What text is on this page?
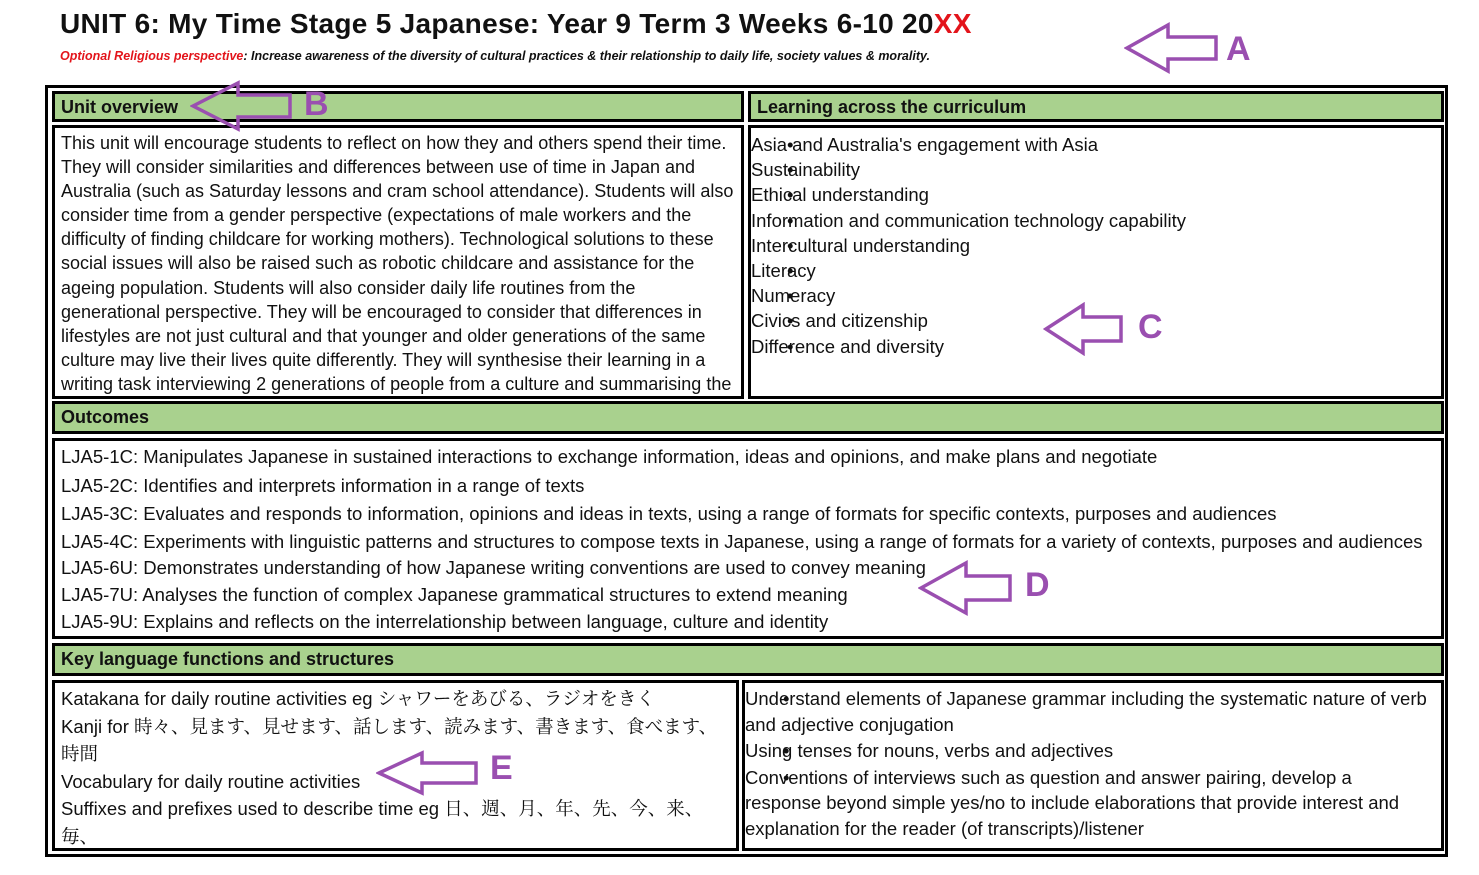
UNIT 6: My Time Stage 5 Japanese: Year 9 Term 3 Weeks 6-10 20XX
Optional Religious perspective: Increase awareness of the diversity of cultural practices & their relationship to daily life, society values & morality.
Unit overview

This unit will encourage students to reflect on how they and others spend their time. They will consider similarities and differences between use of time in Japan and Australia (such as Saturday lessons and cram school attendance). Students will also consider time from a gender perspective (expectations of male workers and the difficulty of finding childcare for working mothers). Technological solutions to these social issues will also be raised such as robotic childcare and assistance for the ageing population. Students will also consider daily life routines from the generational perspective. They will be encouraged to consider that differences in lifestyles are not just cultural and that younger and older generations of the same culture may live their lives quite differently. They will synthesise their learning in a writing task interviewing 2 generations of people from a culture and summarising the

Learning across the curriculum
• Asia and Australia's engagement with Asia
• Sustainability
• Ethical understanding
• Information and communication technology capability
• Intercultural understanding
• Literacy
• Numeracy
• Civics and citizenship
• Difference and diversity
Outcomes

LJA5-1C: Manipulates Japanese in sustained interactions to exchange information, ideas and opinions, and make plans and negotiate

LJA5-2C: Identifies and interprets information in a range of texts

LJA5-3C: Evaluates and responds to information, opinions and ideas in texts, using a range of formats for specific contexts, purposes and audiences

LJA5-4C: Experiments with linguistic patterns and structures to compose texts in Japanese, using a range of formats for a variety of contexts, purposes and audiences

LJA5-6U: Demonstrates understanding of how Japanese writing conventions are used to convey meaning

LJA5-7U: Analyses the function of complex Japanese grammatical structures to extend meaning

LJA5-9U: Explains and reflects on the interrelationship between language, culture and identity

Key language functions and structures

Katakana for daily routine activities eg シャワーをあびる、ラジオをきく

Kanji for 時々、見ます、見せます、話します、読みます、書きます、食べます、時間

Vocabulary for daily routine activities

Suffixes and prefixes used to describe time eg 日、週、月、年、先、今、来、毎、

• Understand elements of Japanese grammar including the systematic nature of verb and adjective conjugation
• Using tenses for nouns, verbs and adjectives
• Conventions of interviews such as question and answer pairing, develop a response beyond simple yes/no to include elaborations that provide interest and explanation for the reader (of transcripts)/listener
A
B
C
D
E
